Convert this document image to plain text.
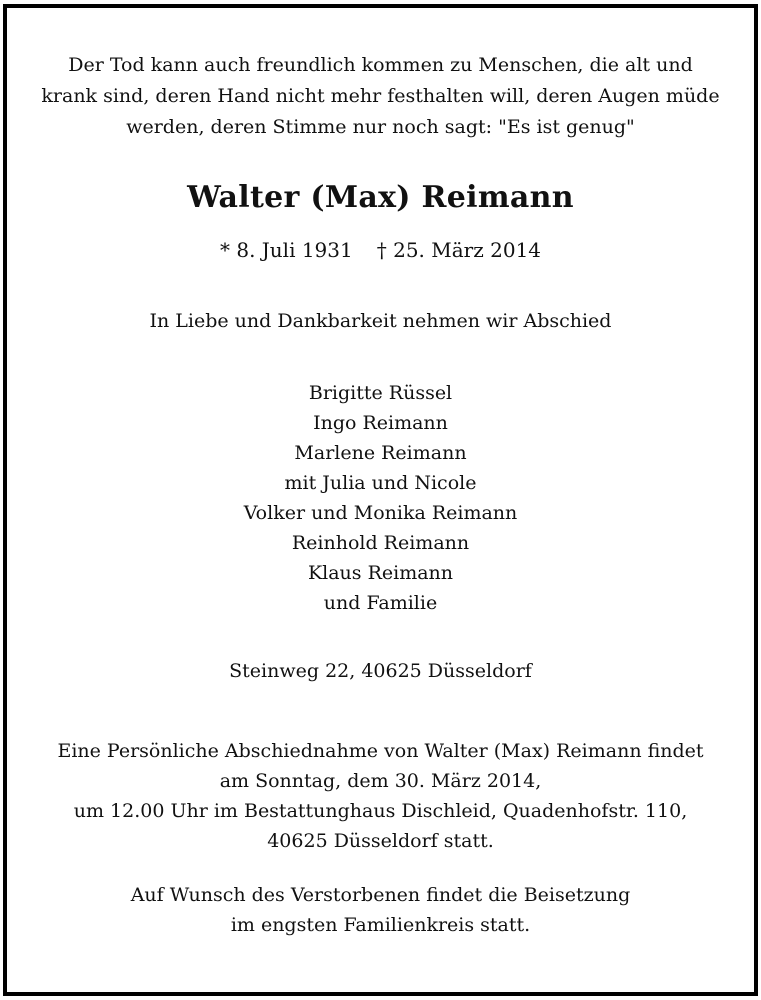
Der Tod kann auch freundlich kommen zu Menschen, die alt und
krank sind, deren Hand nicht mehr festhalten will, deren Augen müde
werden, deren Stimme nur noch sagt: "Es ist genug"
Walter (Max) Reimann
* 8. Juli 1931 † 25. März 2014
In Liebe und Dankbarkeit nehmen wir Abschied
Brigitte Rüssel
Ingo Reimann
Marlene Reimann
mit Julia und Nicole
Volker und Monika Reimann
Reinhold Reimann
Klaus Reimann
und Familie
Steinweg 22, 40625 Düsseldorf
Eine Persönliche Abschiednahme von Walter (Max) Reimann findet
am Sonntag, dem 30. März 2014,
um 12.00 Uhr im Bestattunghaus Dischleid, Quadenhofstr. 110,
40625 Düsseldorf statt.
Auf Wunsch des Verstorbenen findet die Beisetzung
im engsten Familienkreis statt.
